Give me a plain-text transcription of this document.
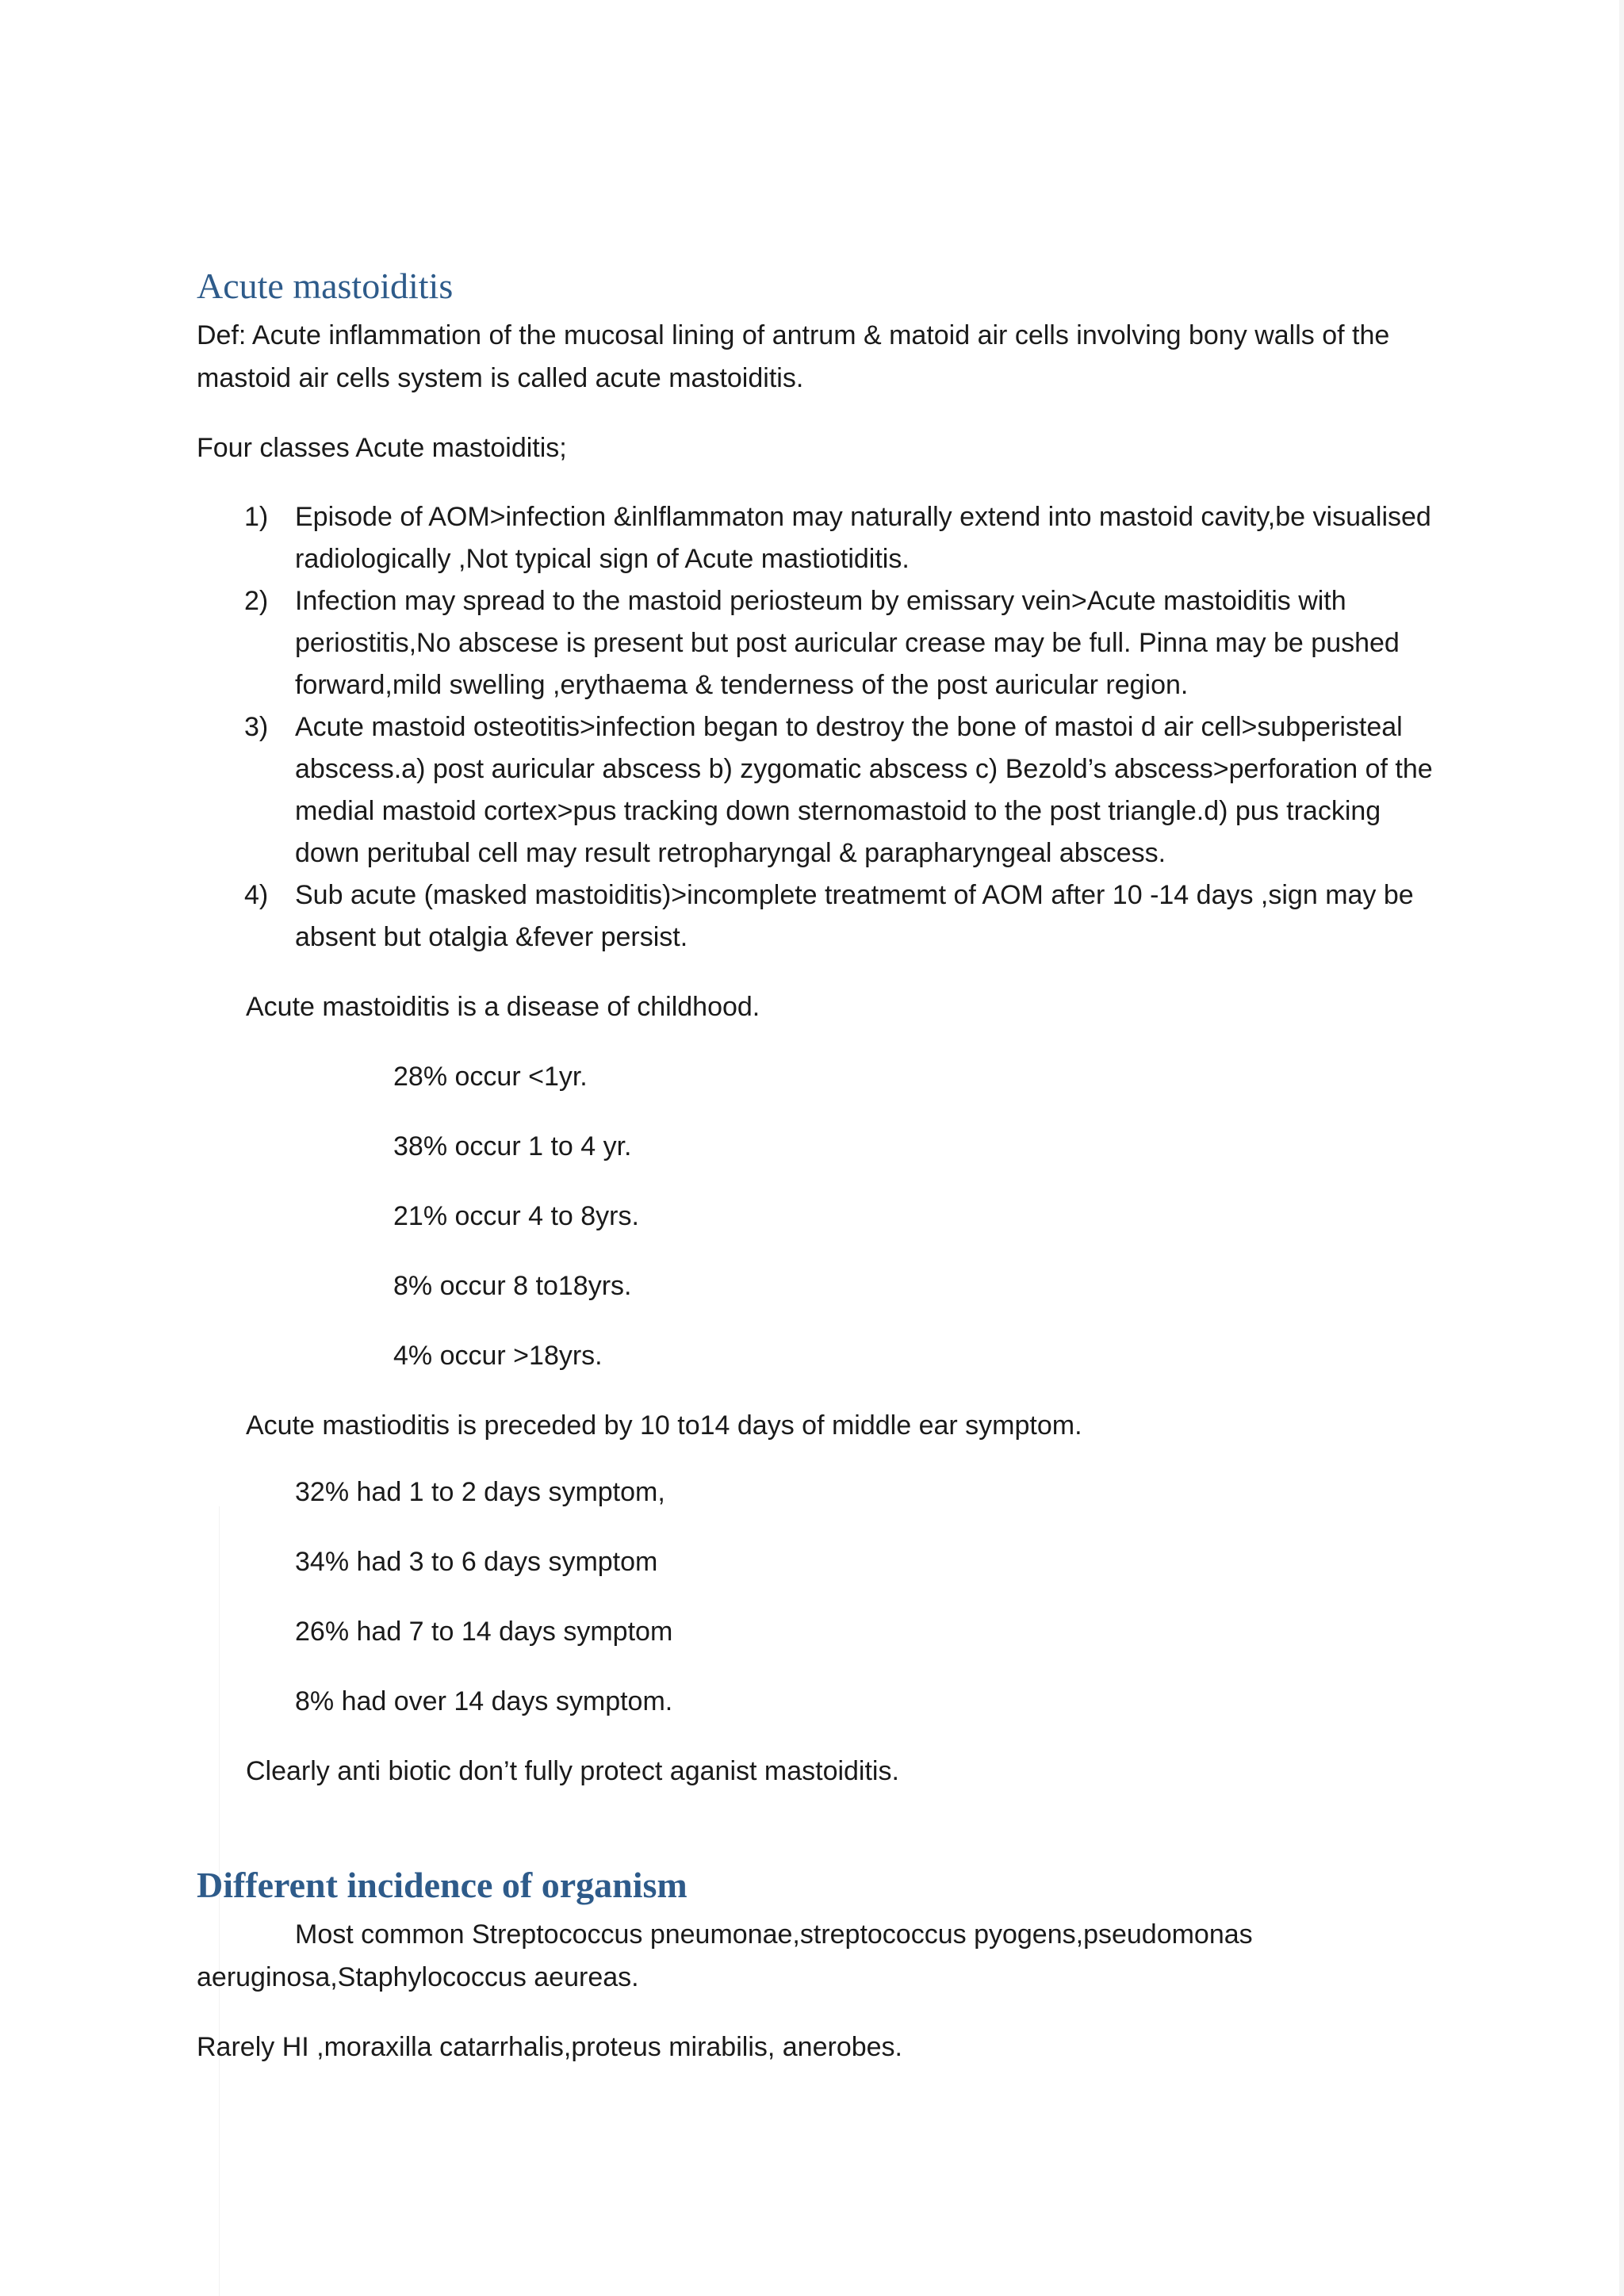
Acute mastoiditis

Def: Acute inflammation of the mucosal lining of antrum & matoid air cells involving bony walls of the mastoid air cells system is called acute mastoiditis.

Four classes Acute mastoiditis;

1) Episode of AOM>infection &inlflammaton may naturally extend into mastoid cavity,be visualised radiologically ,Not typical sign of Acute mastiotiditis.
2) Infection may spread to the mastoid periosteum by emissary vein>Acute mastoiditis with periostitis,No abscese is present but post auricular crease may be full. Pinna may be pushed forward,mild swelling ,erythaema & tenderness of the post auricular region.
3) Acute mastoid osteotitis>infection began to destroy the bone of mastoi d air cell>subperisteal abscess.a) post auricular abscess b) zygomatic abscess c) Bezold’s abscess>perforation of the medial mastoid cortex>pus tracking down sternomastoid to the post triangle.d) pus tracking down peritubal cell may result retropharyngal & parapharyngeal abscess.
4) Sub acute (masked mastoiditis)>incomplete treatmemt of AOM after 10 -14 days ,sign may be absent but otalgia &fever persist.

Acute mastoiditis is a disease of childhood.

28% occur <1yr.

38% occur 1 to 4 yr.

21% occur 4 to 8yrs.

8% occur 8 to18yrs.

4% occur >18yrs.

Acute mastioditis is preceded by 10 to14 days of middle ear symptom.

32% had 1 to 2 days symptom,

34% had 3 to 6 days symptom

26% had 7 to 14 days symptom

8% had over 14 days symptom.

Clearly anti biotic don’t fully protect aganist mastoiditis.

Different incidence of organism

Most common Streptococcus pneumonae,streptococcus pyogens,pseudomonas aeruginosa,Staphylococcus aeureas.

Rarely HI ,moraxilla catarrhalis,proteus mirabilis, anerobes.
